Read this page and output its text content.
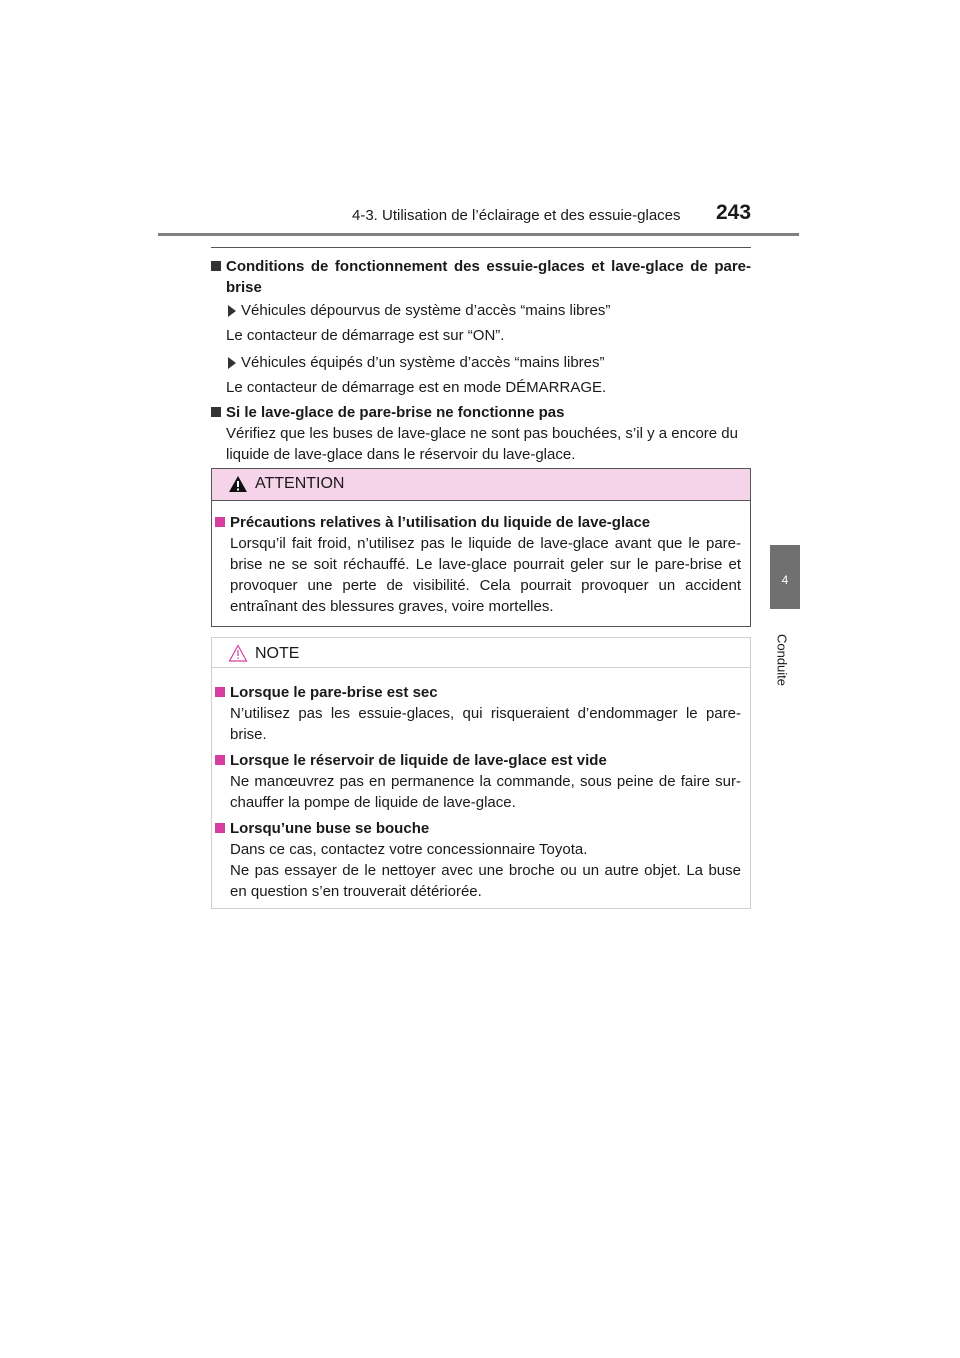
4-3. Utilisation de l’éclairage et des essuie-glaces 243
4
Conduite
Conditions de fonctionnement des essuie-glaces et lave-glace de pare-brise
Véhicules dépourvus de système d’accès “mains libres”

Le contacteur de démarrage est sur “ON”.

Véhicules équipés d’un système d’accès “mains libres”

Le contacteur de démarrage est en mode DÉMARRAGE.

Si le lave-glace de pare-brise ne fonctionne pas

Vérifiez que les buses de lave-glace ne sont pas bouchées, s’il y a encore du liquide de lave-glace dans le réservoir du lave-glace.

ATTENTION
Précautions relatives à l’utilisation du liquide de lave-glace

Lorsqu’il fait froid, n’utilisez pas le liquide de lave-glace avant que le pare-brise ne se soit réchauffé. Le lave-glace pourrait geler sur le pare-brise et provoquer une perte de visibilité. Cela pourrait provoquer un accident entraînant des blessures graves, voire mortelles.

NOTE
Lorsque le pare-brise est sec

N’utilisez pas les essuie-glaces, qui risqueraient d’endommager le pare-brise.

Lorsque le réservoir de liquide de lave-glace est vide

Ne manœuvrez pas en permanence la commande, sous peine de faire sur-chauffer la pompe de liquide de lave-glace.

Lorsqu’une buse se bouche

Dans ce cas, contactez votre concessionnaire Toyota.

Ne pas essayer de le nettoyer avec une broche ou un autre objet. La buse en question s’en trouverait détériorée.
